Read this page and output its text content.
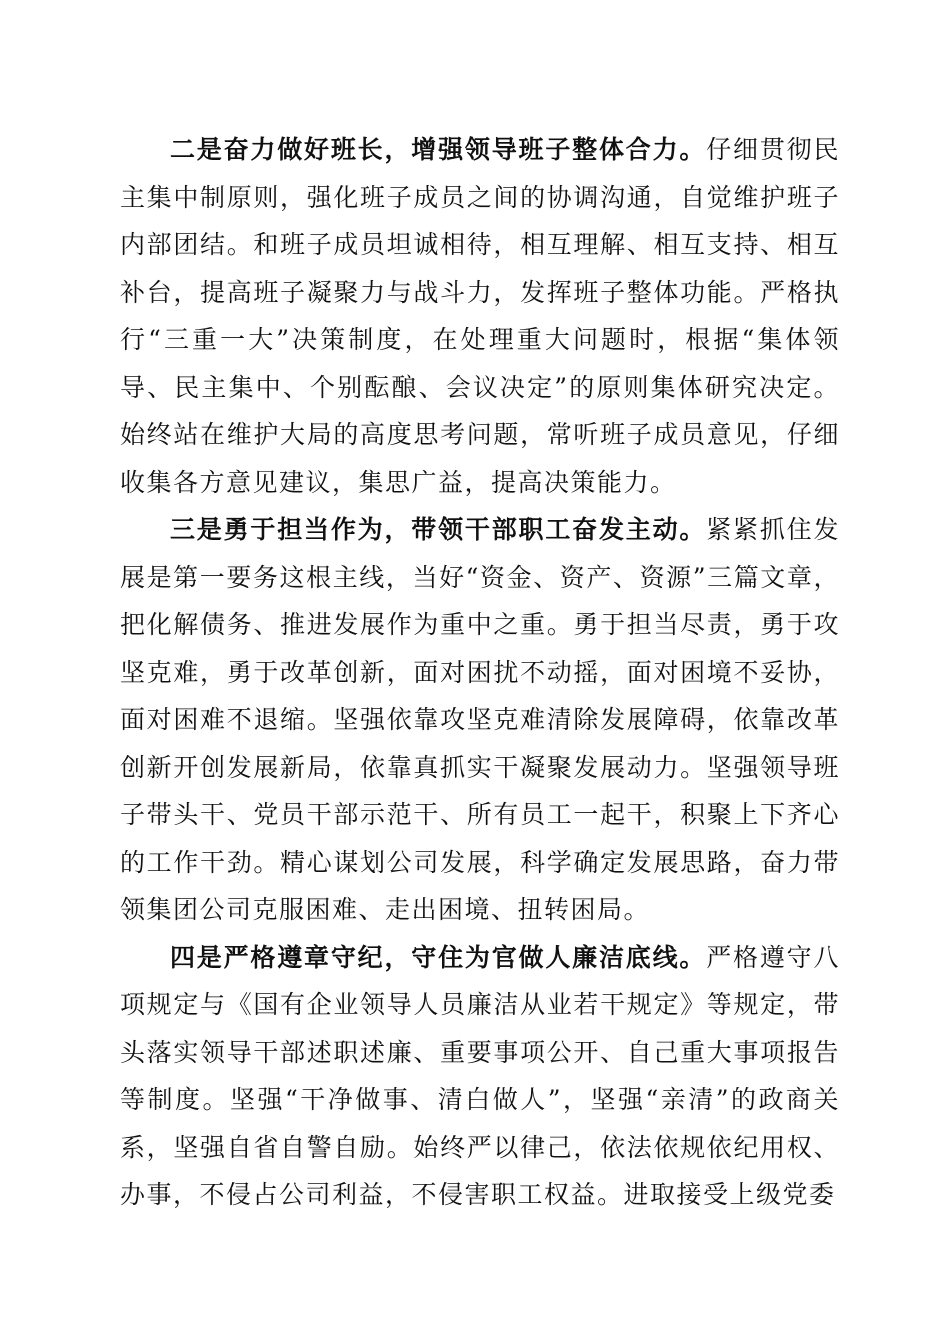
二是奋力做好班长，增强领导班子整体合力。仔细贯彻民主集中制原则，强化班子成员之间的协调沟通，自觉维护班子内部团结。和班子成员坦诚相待，相互理解、相互支持、相互补台，提高班子凝聚力与战斗力，发挥班子整体功能。严格执行“三重一大”决策制度，在处理重大问题时，根据“集体领导、民主集中、个别酝酿、会议决定”的原则集体研究决定。始终站在维护大局的高度思考问题，常听班子成员意见，仔细收集各方意见建议，集思广益，提高决策能力。

三是勇于担当作为，带领干部职工奋发主动。紧紧抓住发展是第一要务这根主线，当好“资金、资产、资源”三篇文章，把化解债务、推进发展作为重中之重。勇于担当尽责，勇于攻坚克难，勇于改革创新，面对困扰不动摇，面对困境不妥协，面对困难不退缩。坚强依靠攻坚克难清除发展障碍，依靠改革创新开创发展新局，依靠真抓实干凝聚发展动力。坚强领导班子带头干、党员干部示范干、所有员工一起干，积聚上下齐心的工作干劲。精心谋划公司发展，科学确定发展思路，奋力带领集团公司克服困难、走出困境、扭转困局。

四是严格遵章守纪，守住为官做人廉洁底线。严格遵守八项规定与《国有企业领导人员廉洁从业若干规定》等规定，带头落实领导干部述职述廉、重要事项公开、自己重大事项报告等制度。坚强“干净做事、清白做人”，坚强“亲清”的政商关系，坚强自省自警自励。始终严以律己，依法依规依纪用权、办事，不侵占公司利益，不侵害职工权益。进取接受上级党委
